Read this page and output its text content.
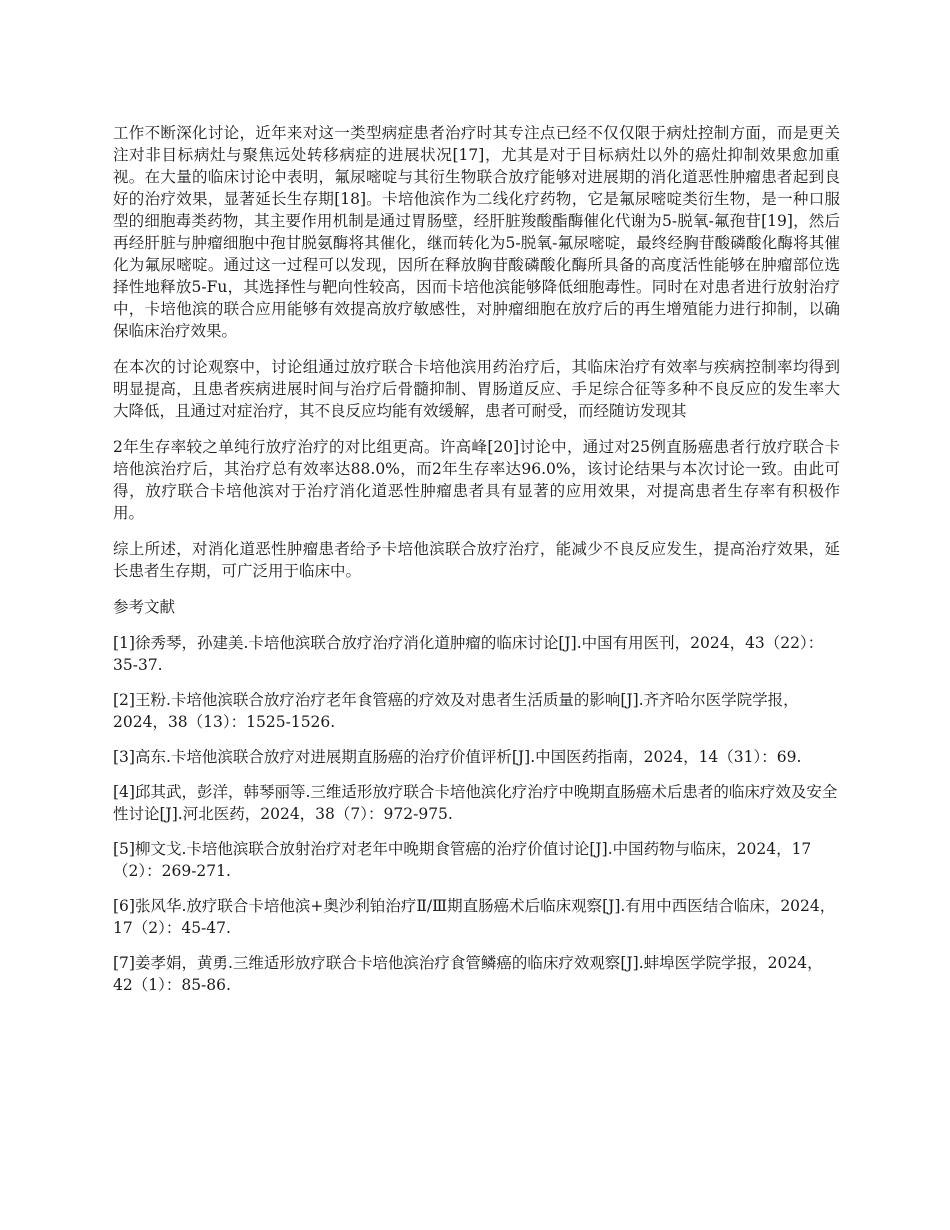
工作不断深化讨论，近年来对这一类型病症患者治疗时其专注点已经不仅仅限于病灶控制方面，而是更关注对非目标病灶与聚焦远处转移病症的进展状况[17]，尤其是对于目标病灶以外的癌灶抑制效果愈加重视。在大量的临床讨论中表明，氟尿嘧啶与其衍生物联合放疗能够对进展期的消化道恶性肿瘤患者起到良好的治疗效果，显著延长生存期[18]。卡培他滨作为二线化疗药物，它是氟尿嘧啶类衍生物，是一种口服型的细胞毒类药物，其主要作用机制是通过胃肠壁，经肝脏羧酸酯酶催化代谢为5-脱氧-氟孢苷[19]，然后再经肝脏与肿瘤细胞中孢甘脱氨酶将其催化，继而转化为5-脱氧-氟尿嘧啶，最终经胸苷酸磷酸化酶将其催化为氟尿嘧啶。通过这一过程可以发现，因所在释放胸苷酸磷酸化酶所具备的高度活性能够在肿瘤部位选择性地释放5-Fu，其选择性与靶向性较高，因而卡培他滨能够降低细胞毒性。同时在对患者进行放射治疗中，卡培他滨的联合应用能够有效提高放疗敏感性，对肿瘤细胞在放疗后的再生增殖能力进行抑制，以确保临床治疗效果。

在本次的讨论观察中，讨论组通过放疗联合卡培他滨用药治疗后，其临床治疗有效率与疾病控制率均得到明显提高，且患者疾病进展时间与治疗后骨髓抑制、胃肠道反应、手足综合征等多种不良反应的发生率大大降低，且通过对症治疗，其不良反应均能有效缓解，患者可耐受，而经随访发现其

2年生存率较之单纯行放疗治疗的对比组更高。许高峰[20]讨论中，通过对25例直肠癌患者行放疗联合卡培他滨治疗后，其治疗总有效率达88.0%，而2年生存率达96.0%，该讨论结果与本次讨论一致。由此可得，放疗联合卡培他滨对于治疗消化道恶性肿瘤患者具有显著的应用效果，对提高患者生存率有积极作用。

综上所述，对消化道恶性肿瘤患者给予卡培他滨联合放疗治疗，能减少不良反应发生，提高治疗效果，延长患者生存期，可广泛用于临床中。

参考文献

[1]徐秀琴，孙建美.卡培他滨联合放疗治疗消化道肿瘤的临床讨论[J].中国有用医刊，2024，43（22）：35-37.

[2]王粉.卡培他滨联合放疗治疗老年食管癌的疗效及对患者生活质量的影响[J].齐齐哈尔医学院学报，2024，38（13）：1525-1526.

[3]高东.卡培他滨联合放疗对进展期直肠癌的治疗价值评析[J].中国医药指南，2024，14（31）：69.

[4]邱其武，彭洋，韩琴丽等.三维适形放疗联合卡培他滨化疗治疗中晚期直肠癌术后患者的临床疗效及安全性讨论[J].河北医药，2024，38（7）：972-975.

[5]柳文戈.卡培他滨联合放射治疗对老年中晚期食管癌的治疗价值讨论[J].中国药物与临床，2024，17（2）：269-271.

[6]张风华.放疗联合卡培他滨+奥沙利铂治疗Ⅱ/Ⅲ期直肠癌术后临床观察[J].有用中西医结合临床，2024，17（2）：45-47.

[7]姜孝娟，黄勇.三维适形放疗联合卡培他滨治疗食管鳞癌的临床疗效观察[J].蚌埠医学院学报，2024，42（1）：85-86.
